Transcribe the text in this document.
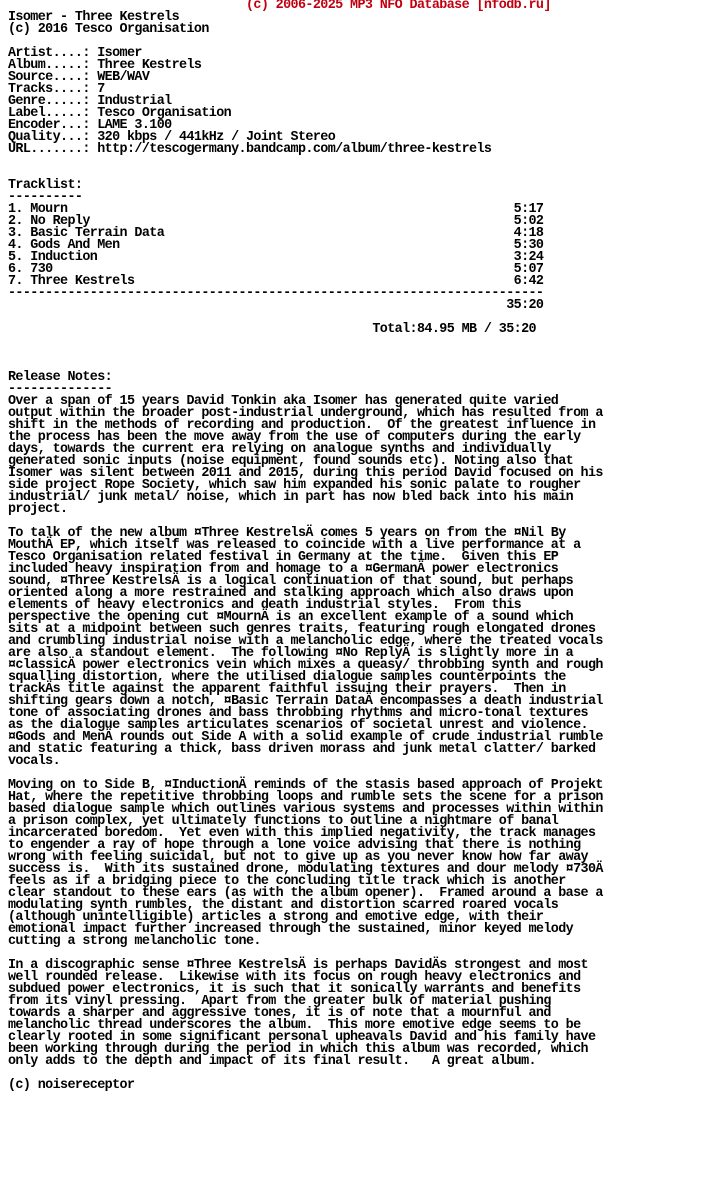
(c) 2006-2025 MP3 NFO Database [nfodb.ru]
Isomer - Three Kestrels
(c) 2016 Tesco Organisation
Artist....: Isomer
Album.....: Three Kestrels
Source....: WEB/WAV
Tracks....: 7
Genre.....: Industrial
Label.....: Tesco Organisation
Encoder...: LAME 3.100
Quality...: 320 kbps / 441kHz / Joint Stereo
URL.......: http://tescogermany.bandcamp.com/album/three-kestrels
Tracklist:
----------
1. Mourn                                                            5:17
2. No Reply                                                         5:02
3. Basic Terrain Data                                               4:18
4. Gods And Men                                                     5:30
5. Induction                                                        3:24
6. 730                                                              5:07
7. Three Kestrels                                                   6:42
------------------------------------------------------------------------
35:20
Total:84.95 MB / 35:20
Release Notes:
--------------
Over a span of 15 years David Tonkin aka Isomer has generated quite varied
output within the broader post-industrial underground, which has resulted from a
shift in the methods of recording and production.  Of the greatest influence in
the process has been the move away from the use of computers during the early
days, towards the current era relying on analogue synths and individually
generated sonic inputs (noise equipment, found sounds etc). Noting also that
Isomer was silent between 2011 and 2015, during this period David focused on his
side project Rope Society, which saw him expanded his sonic palate to rougher
industrial/ junk metal/ noise, which in part has now bled back into his main
project.
To talk of the new album ¤Three KestrelsÄ comes 5 years on from the ¤Nil By
MouthÄ EP, which itself was released to coincide with a live performance at a
Tesco Organisation related festival in Germany at the time.  Given this EP
included heavy inspiration from and homage to a ¤GermanÄ power electronics
sound, ¤Three KestrelsÄ is a logical continuation of that sound, but perhaps
oriented along a more restrained and stalking approach which also draws upon
elements of heavy electronics and death industrial styles.  From this
perspective the opening cut ¤MournÄ is an excellent example of a sound which
sits at a midpoint between such genres traits, featuring rough elongated drones
and crumbling industrial noise with a melancholic edge, where the treated vocals
are also a standout element.  The following ¤No ReplyÄ is slightly more in a
¤classicÄ power electronics vein which mixes a queasy/ throbbing synth and rough
squalling distortion, where the utilised dialogue samples counterpoints the
trackÄs title against the apparent faithful issuing their prayers.  Then in
shifting gears down a notch, ¤Basic Terrain DataÄ encompasses a death industrial
tone of associating drones and bass throbbing rhythms and micro-tonal textures
as the dialogue samples articulates scenarios of societal unrest and violence.
¤Gods and MenÄ rounds out Side A with a solid example of crude industrial rumble
and static featuring a thick, bass driven morass and junk metal clatter/ barked
vocals.
Moving on to Side B, ¤InductionÄ reminds of the stasis based approach of Projekt
Hat, where the repetitive throbbing loops and rumble sets the scene for a prison
based dialogue sample which outlines various systems and processes within within
a prison complex, yet ultimately functions to outline a nightmare of banal
incarcerated boredom.  Yet even with this implied negativity, the track manages
to engender a ray of hope through a lone voice advising that there is nothing
wrong with feeling suicidal, but not to give up as you never know how far away
success is.  With its sustained drone, modulating textures and dour melody ¤730Ä
feels as if a bridging piece to the concluding title track which is another
clear standout to these ears (as with the album opener).  Framed around a base a
modulating synth rumbles, the distant and distortion scarred roared vocals
(although unintelligible) articles a strong and emotive edge, with their
emotional impact further increased through the sustained, minor keyed melody
cutting a strong melancholic tone.
In a discographic sense ¤Three KestrelsÄ is perhaps DavidÄs strongest and most
well rounded release.  Likewise with its focus on rough heavy electronics and
subdued power electronics, it is such that it sonically warrants and benefits
from its vinyl pressing.  Apart from the greater bulk of material pushing
towards a sharper and aggressive tones, it is of note that a mournful and
melancholic thread underscores the album.  This more emotive edge seems to be
clearly rooted in some significant personal upheavals David and his family have
been working through during the period in which this album was recorded, which
only adds to the depth and impact of its final result.   A great album.
(c) noisereceptor
